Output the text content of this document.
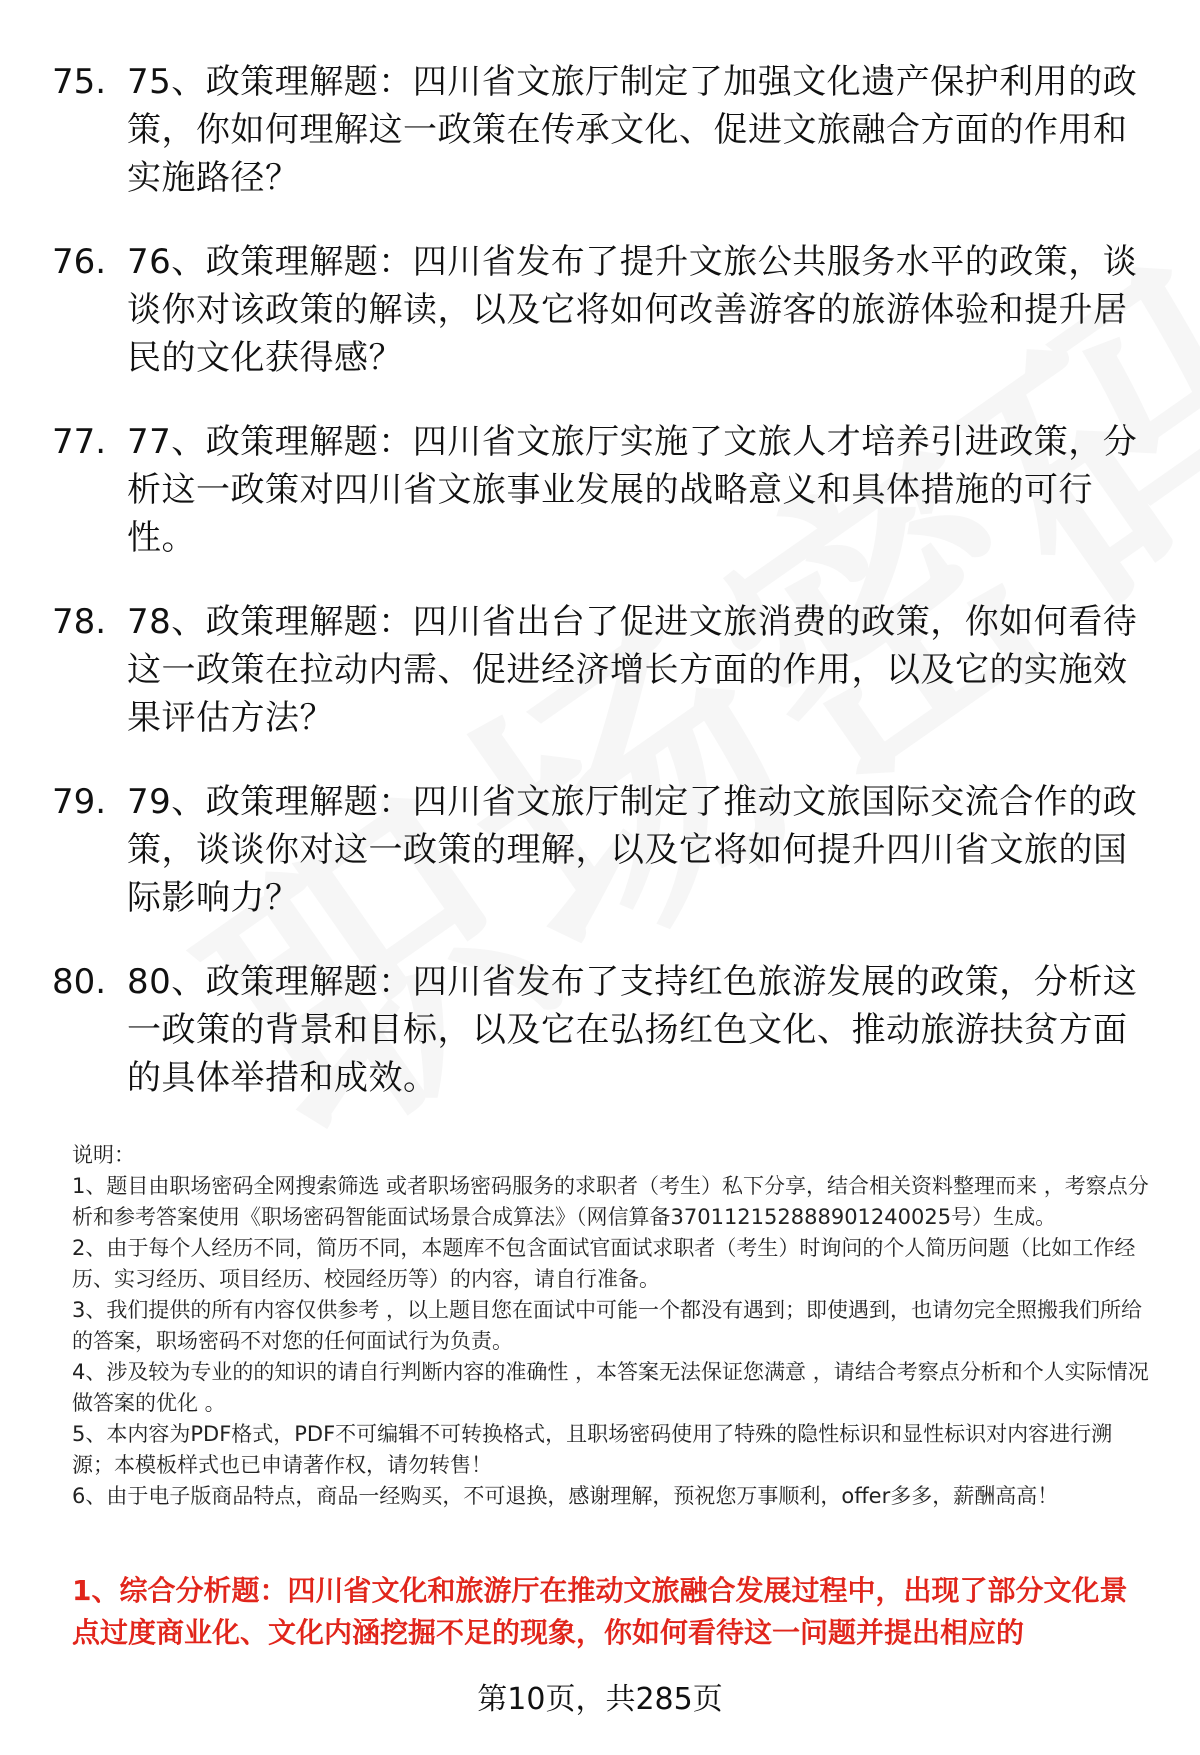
75. 75、政策理解题：四川省文旅厅制定了加强文化遗产保护利用的政策，你如何理解这一政策在传承文化、促进文旅融合方面的作用和实施路径？
76. 76、政策理解题：四川省发布了提升文旅公共服务水平的政策，谈谈你对该政策的解读，以及它将如何改善游客的旅游体验和提升居民的文化获得感？
77. 77、政策理解题：四川省文旅厅实施了文旅人才培养引进政策，分析这一政策对四川省文旅事业发展的战略意义和具体措施的可行性。
78. 78、政策理解题：四川省出台了促进文旅消费的政策，你如何看待这一政策在拉动内需、促进经济增长方面的作用，以及它的实施效果评估方法？
79. 79、政策理解题：四川省文旅厅制定了推动文旅国际交流合作的政策，谈谈你对这一政策的理解，以及它将如何提升四川省文旅的国际影响力？
80. 80、政策理解题：四川省发布了支持红色旅游发展的政策，分析这一政策的背景和目标，以及它在弘扬红色文化、推动旅游扶贫方面的具体举措和成效。

说明：

1、题目由职场密码全网搜索筛选 或者职场密码服务的求职者（考生）私下分享，结合相关资料整理而来 ，考察点分析和参考答案使用《职场密码智能面试场景合成算法》（网信算备370112152888901240025号）生成。

2、由于每个人经历不同，简历不同，本题库不包含面试官面试求职者（考生）时询问的个人简历问题（比如工作经历、实习经历、项目经历、校园经历等）的内容，请自行准备。

3、我们提供的所有内容仅供参考 ，以上题目您在面试中可能一个都没有遇到；即使遇到，也请勿完全照搬我们所给的答案，职场密码不对您的任何面试行为负责。

4、涉及较为专业的的知识的请自行判断内容的准确性 ，本答案无法保证您满意 ，请结合考察点分析和个人实际情况做答案的优化 。

5、本内容为PDF格式，PDF不可编辑不可转换格式，且职场密码使用了特殊的隐性标识和显性标识对内容进行溯源；本模板样式也已申请著作权，请勿转售！

6、由于电子版商品特点，商品一经购买，不可退换，感谢理解，预祝您万事顺利，offer多多，薪酬高高！

1、综合分析题：四川省文化和旅游厅在推动文旅融合发展过程中，出现了部分文化景点过度商业化、文化内涵挖掘不足的现象，你如何看待这一问题并提出相应的
第10页，共285页
